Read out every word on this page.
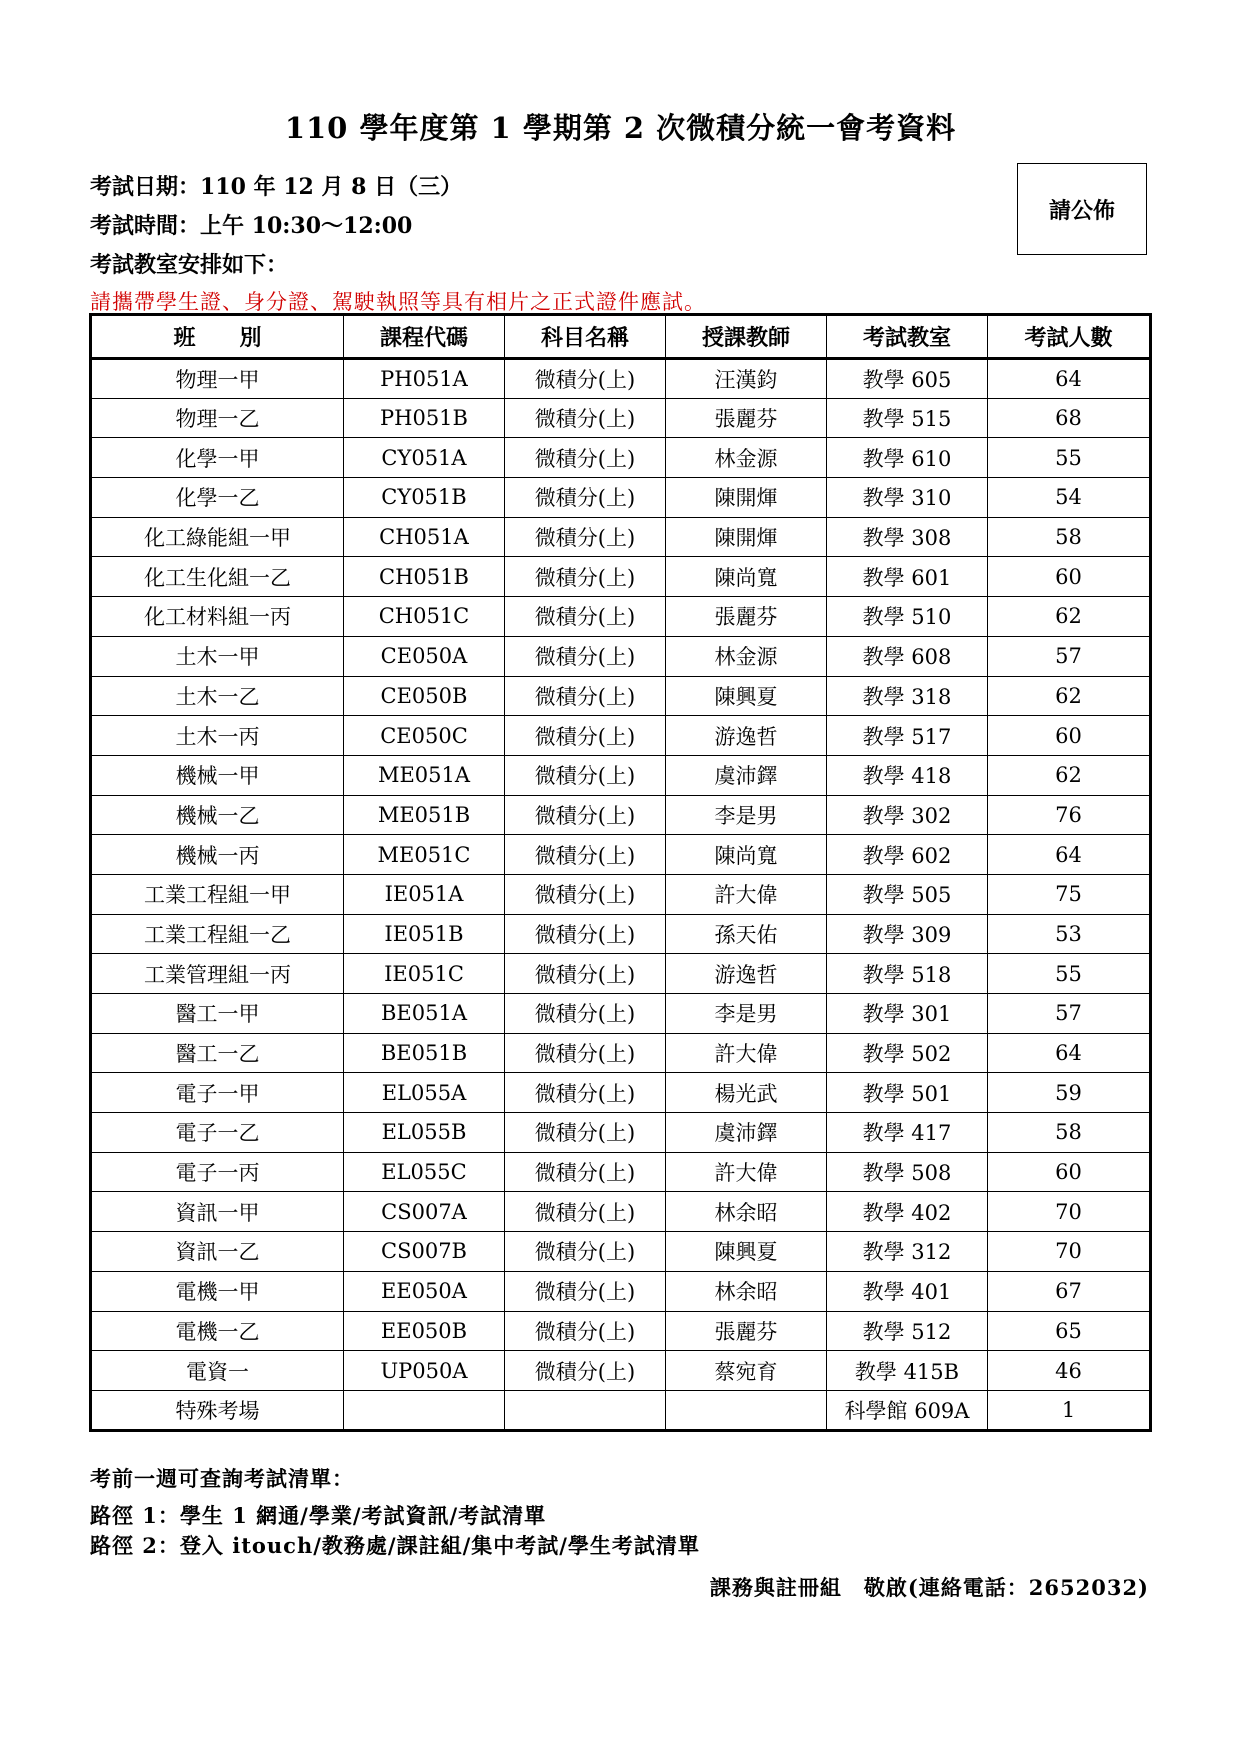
110 學年度第 1 學期第 2 次微積分統一會考資料
考試日期：110 年 12 月 8 日（三）
考試時間：上午 10:30～12:00
考試教室安排如下：
請攜帶學生證、身分證、駕駛執照等具有相片之正式證件應試。
請公佈
班　　別	課程代碼	科目名稱	授課教師	考試教室	考試人數
物理一甲	PH051A	微積分(上)	汪漢鈞	教學 605	64
物理一乙	PH051B	微積分(上)	張麗芬	教學 515	68
化學一甲	CY051A	微積分(上)	林金源	教學 610	55
化學一乙	CY051B	微積分(上)	陳開煇	教學 310	54
化工綠能組一甲	CH051A	微積分(上)	陳開煇	教學 308	58
化工生化組一乙	CH051B	微積分(上)	陳尚寬	教學 601	60
化工材料組一丙	CH051C	微積分(上)	張麗芬	教學 510	62
土木一甲	CE050A	微積分(上)	林金源	教學 608	57
土木一乙	CE050B	微積分(上)	陳興夏	教學 318	62
土木一丙	CE050C	微積分(上)	游逸哲	教學 517	60
機械一甲	ME051A	微積分(上)	虞沛鐸	教學 418	62
機械一乙	ME051B	微積分(上)	李是男	教學 302	76
機械一丙	ME051C	微積分(上)	陳尚寬	教學 602	64
工業工程組一甲	IE051A	微積分(上)	許大偉	教學 505	75
工業工程組一乙	IE051B	微積分(上)	孫天佑	教學 309	53
工業管理組一丙	IE051C	微積分(上)	游逸哲	教學 518	55
醫工一甲	BE051A	微積分(上)	李是男	教學 301	57
醫工一乙	BE051B	微積分(上)	許大偉	教學 502	64
電子一甲	EL055A	微積分(上)	楊光武	教學 501	59
電子一乙	EL055B	微積分(上)	虞沛鐸	教學 417	58
電子一丙	EL055C	微積分(上)	許大偉	教學 508	60
資訊一甲	CS007A	微積分(上)	林余昭	教學 402	70
資訊一乙	CS007B	微積分(上)	陳興夏	教學 312	70
電機一甲	EE050A	微積分(上)	林余昭	教學 401	67
電機一乙	EE050B	微積分(上)	張麗芬	教學 512	65
電資一	UP050A	微積分(上)	蔡宛育	教學 415B	46
特殊考場				科學館 609A	1
考前一週可查詢考試清單：
路徑 1：學生 1 網通/學業/考試資訊/考試清單
路徑 2：登入 itouch/教務處/課註組/集中考試/學生考試清單
課務與註冊組　敬啟(連絡電話：2652032)
